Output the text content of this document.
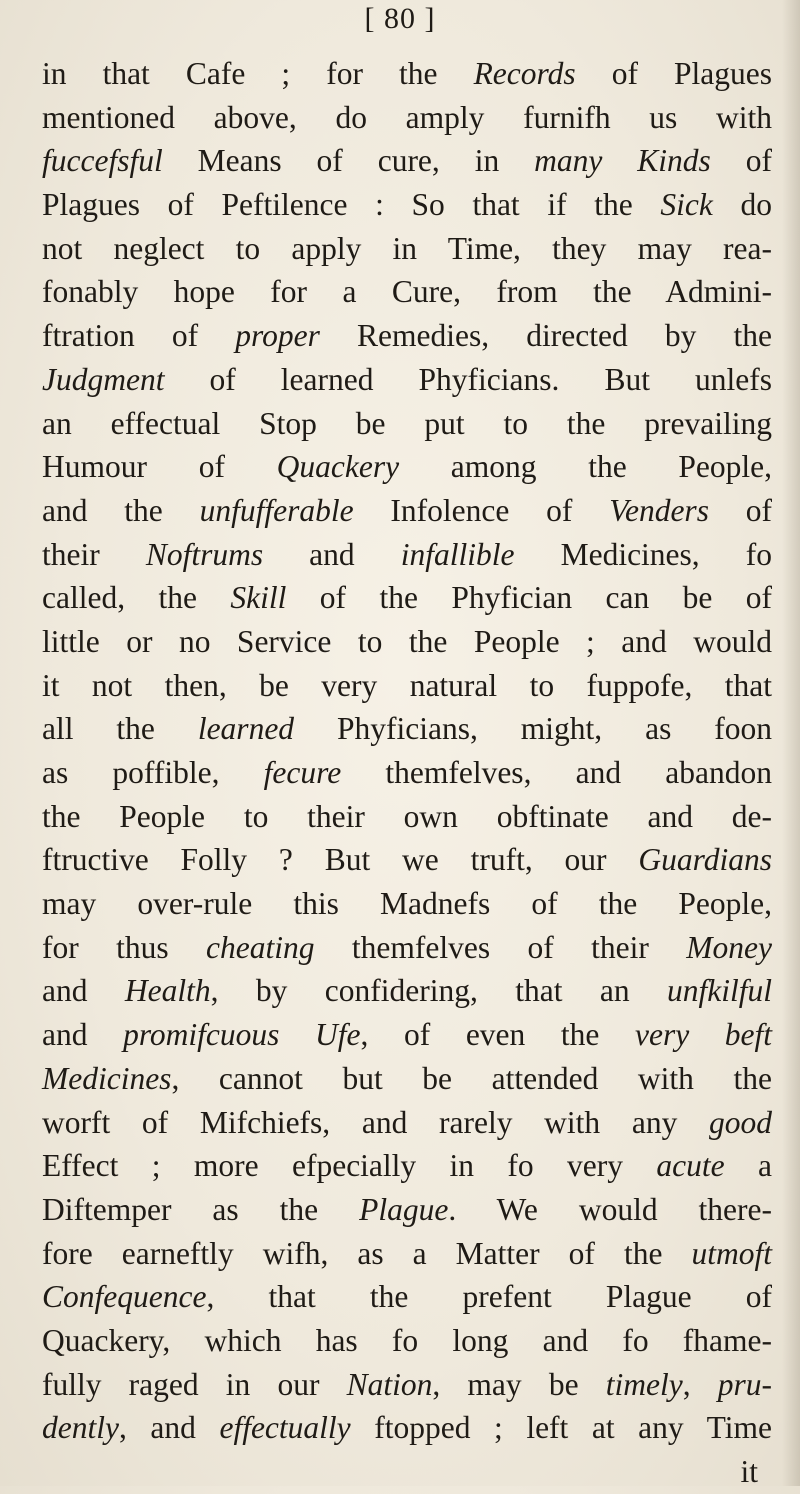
[ 80 ]
in that Cafe ; for the Records of Plagues
mentioned above, do amply furnifh us with
fuccefsful Means of cure, in many Kinds of
Plagues of Peftilence : So that if the Sick do
not neglect to apply in Time, they may rea-
fonably hope for a Cure, from the Admini-
ftration of proper Remedies, directed by the
Judgment of learned Phyficians. But unlefs
an effectual Stop be put to the prevailing
Humour of Quackery among the People,
and the unfufferable Infolence of Venders of
their Noftrums and infallible Medicines, fo
called, the Skill of the Phyfician can be of
little or no Service to the People ; and would
it not then, be very natural to fuppofe, that
all the learned Phyficians, might, as foon
as poffible, fecure themfelves, and abandon
the People to their own obftinate and de-
ftructive Folly ? But we truft, our Guardians
may over-rule this Madnefs of the People,
for thus cheating themfelves of their Money
and Health, by confidering, that an unfkilful
and promifcuous Ufe, of even the very beft
Medicines, cannot but be attended with the
worft of Mifchiefs, and rarely with any good
Effect ; more efpecially in fo very acute a
Diftemper as the Plague. We would there-
fore earneftly wifh, as a Matter of the utmoft
Confequence, that the prefent Plague of
Quackery, which has fo long and fo fhame-
fully raged in our Nation, may be timely, pru-
dently, and effectually ftopped ; left at any Time
it
